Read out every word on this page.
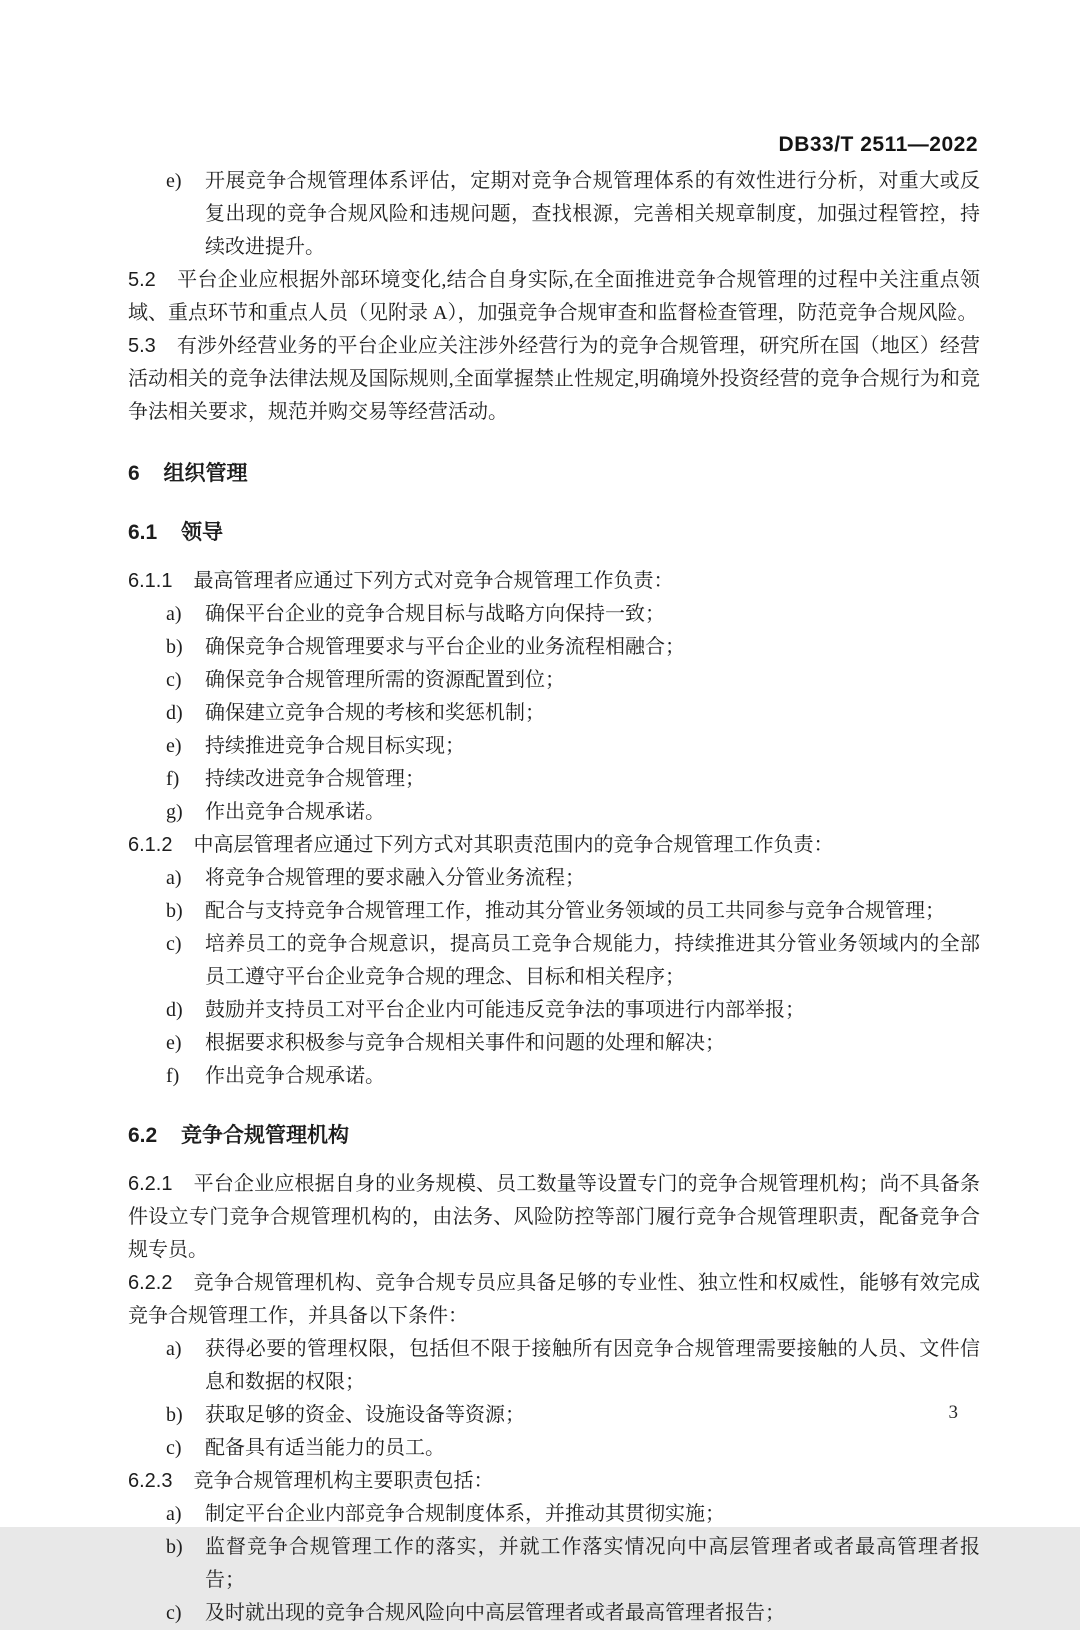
DB33/T 2511—2022
e) 开展竞争合规管理体系评估，定期对竞争合规管理体系的有效性进行分析，对重大或反复出现的竞争合规风险和违规问题，查找根源，完善相关规章制度，加强过程管控，持续改进提升。

5.2 平台企业应根据外部环境变化,结合自身实际,在全面推进竞争合规管理的过程中关注重点领域、重点环节和重点人员（见附录 A），加强竞争合规审查和监督检查管理，防范竞争合规风险。

5.3 有涉外经营业务的平台企业应关注涉外经营行为的竞争合规管理，研究所在国（地区）经营活动相关的竞争法律法规及国际规则,全面掌握禁止性规定,明确境外投资经营的竞争合规行为和竞争法相关要求，规范并购交易等经营活动。

6 组织管理
6.1 领导

6.1.1 最高管理者应通过下列方式对竞争合规管理工作负责：

a) 确保平台企业的竞争合规目标与战略方向保持一致；
b) 确保竞争合规管理要求与平台企业的业务流程相融合；
c) 确保竞争合规管理所需的资源配置到位；
d) 确保建立竞争合规的考核和奖惩机制；
e) 持续推进竞争合规目标实现；
f) 持续改进竞争合规管理；
g) 作出竞争合规承诺。

6.1.2 中高层管理者应通过下列方式对其职责范围内的竞争合规管理工作负责：

a) 将竞争合规管理的要求融入分管业务流程；
b) 配合与支持竞争合规管理工作，推动其分管业务领域的员工共同参与竞争合规管理；
c) 培养员工的竞争合规意识，提高员工竞争合规能力，持续推进其分管业务领域内的全部员工遵守平台企业竞争合规的理念、目标和相关程序；
d) 鼓励并支持员工对平台企业内可能违反竞争法的事项进行内部举报；
e) 根据要求积极参与竞争合规相关事件和问题的处理和解决；
f) 作出竞争合规承诺。
6.2 竞争合规管理机构

6.2.1 平台企业应根据自身的业务规模、员工数量等设置专门的竞争合规管理机构；尚不具备条件设立专门竞争合规管理机构的，由法务、风险防控等部门履行竞争合规管理职责，配备竞争合规专员。

6.2.2 竞争合规管理机构、竞争合规专员应具备足够的专业性、独立性和权威性，能够有效完成竞争合规管理工作，并具备以下条件：

a) 获得必要的管理权限，包括但不限于接触所有因竞争合规管理需要接触的人员、文件信息和数据的权限；
b) 获取足够的资金、设施设备等资源；
c) 配备具有适当能力的员工。

6.2.3 竞争合规管理机构主要职责包括：

a) 制定平台企业内部竞争合规制度体系，并推动其贯彻实施；
b) 监督竞争合规管理工作的落实，并就工作落实情况向中高层管理者或者最高管理者报告；
c) 及时就出现的竞争合规风险向中高层管理者或者最高管理者报告；
3
